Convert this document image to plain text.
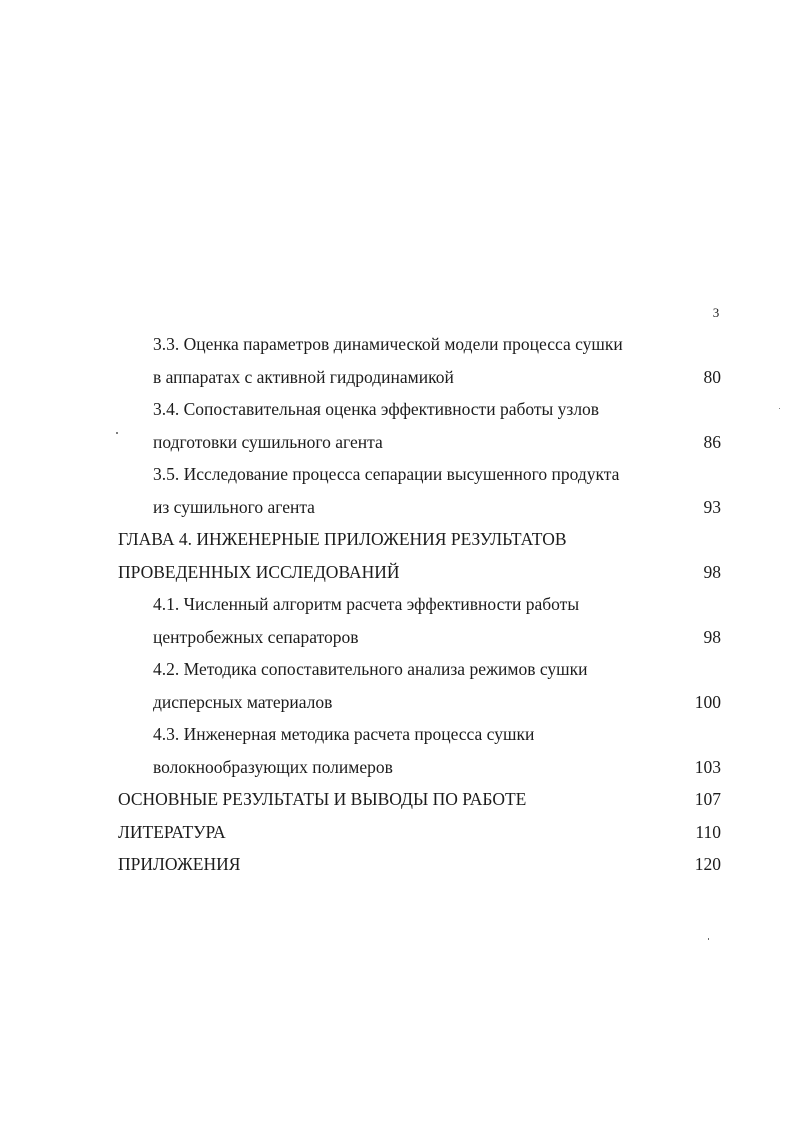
3
3.3. Оценка параметров динамической модели процесса сушки
в аппаратах с активной гидродинамикой	80
3.4. Сопоставительная оценка эффективности работы узлов
подготовки сушильного агента	86
3.5. Исследование процесса сепарации высушенного продукта
из сушильного агента	93
ГЛАВА 4. ИНЖЕНЕРНЫЕ ПРИЛОЖЕНИЯ РЕЗУЛЬТАТОВ
ПРОВЕДЕННЫХ ИССЛЕДОВАНИЙ	98
4.1. Численный алгоритм расчета эффективности работы
центробежных сепараторов	98
4.2. Методика сопоставительного анализа режимов сушки
дисперсных материалов	100
4.3. Инженерная методика расчета процесса сушки
волокнообразующих полимеров	103
ОСНОВНЫЕ РЕЗУЛЬТАТЫ И ВЫВОДЫ ПО РАБОТЕ	107
ЛИТЕРАТУРА	110
ПРИЛОЖЕНИЯ	120
